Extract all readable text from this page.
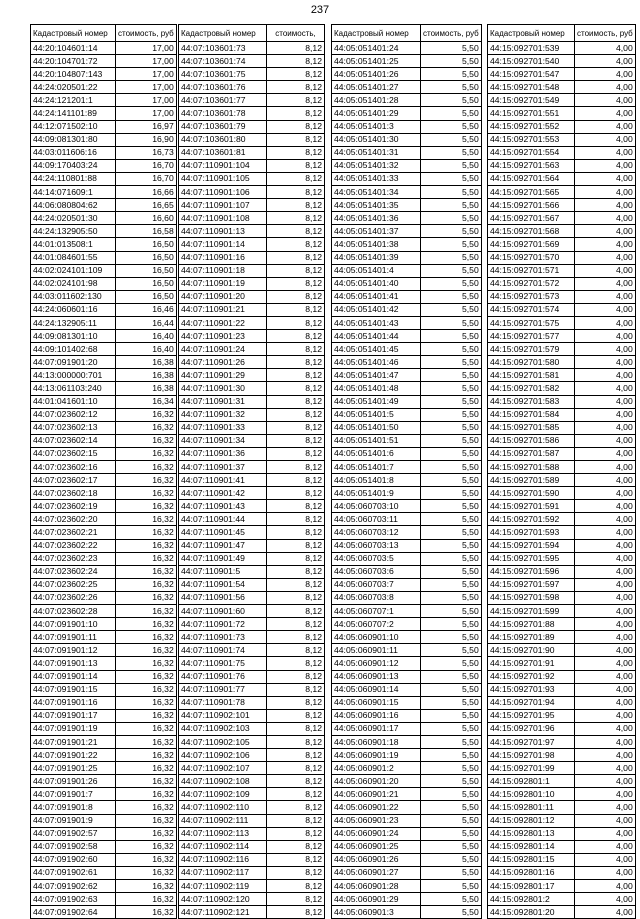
237
Кадастровый номер	стоимость, руб
44:20:104601:14	17,00
44:20:104701:72	17,00
44:20:104807:143	17,00
44:24:020501:22	17,00
44:24:121201:1	17,00
44:24:141101:89	17,00
44:12:071502:10	16,97
44:09:081301:80	16,90
44:03:011606:16	16,73
44:09:170403:24	16,70
44:24:110801:88	16,70
44:14:071609:1	16,66
44:06:080804:62	16,65
44:24:020501:30	16,60
44:24:132905:50	16,58
44:01:013508:1	16,50
44:01:084601:55	16,50
44:02:024101:109	16,50
44:02:024101:98	16,50
44:03:011602:130	16,50
44:24:060601:16	16,46
44:24:132905:11	16,44
44:09:081301:10	16,40
44:09:101402:68	16,40
44:07:091901:20	16,38
44:13:000000:701	16,38
44:13:061103:240	16,38
44:01:041601:10	16,34
44:07:023602:12	16,32
44:07:023602:13	16,32
44:07:023602:14	16,32
44:07:023602:15	16,32
44:07:023602:16	16,32
44:07:023602:17	16,32
44:07:023602:18	16,32
44:07:023602:19	16,32
44:07:023602:20	16,32
44:07:023602:21	16,32
44:07:023602:22	16,32
44:07:023602:23	16,32
44:07:023602:24	16,32
44:07:023602:25	16,32
44:07:023602:26	16,32
44:07:023602:28	16,32
44:07:091901:10	16,32
44:07:091901:11	16,32
44:07:091901:12	16,32
44:07:091901:13	16,32
44:07:091901:14	16,32
44:07:091901:15	16,32
44:07:091901:16	16,32
44:07:091901:17	16,32
44:07:091901:19	16,32
44:07:091901:21	16,32
44:07:091901:22	16,32
44:07:091901:25	16,32
44:07:091901:26	16,32
44:07:091901:7	16,32
44:07:091901:8	16,32
44:07:091901:9	16,32
44:07:091902:57	16,32
44:07:091902:58	16,32
44:07:091902:60	16,32
44:07:091902:61	16,32
44:07:091902:62	16,32
44:07:091902:63	16,32
44:07:091902:64	16,32
Кадастровый номер	стоимость,
44:07:103601:73	8,12
44:07:103601:74	8,12
44:07:103601:75	8,12
44:07:103601:76	8,12
44:07:103601:77	8,12
44:07:103601:78	8,12
44:07:103601:79	8,12
44:07:103601:80	8,12
44:07:103601:81	8,12
44:07:110901:104	8,12
44:07:110901:105	8,12
44:07:110901:106	8,12
44:07:110901:107	8,12
44:07:110901:108	8,12
44:07:110901:13	8,12
44:07:110901:14	8,12
44:07:110901:16	8,12
44:07:110901:18	8,12
44:07:110901:19	8,12
44:07:110901:20	8,12
44:07:110901:21	8,12
44:07:110901:22	8,12
44:07:110901:23	8,12
44:07:110901:24	8,12
44:07:110901:26	8,12
44:07:110901:29	8,12
44:07:110901:30	8,12
44:07:110901:31	8,12
44:07:110901:32	8,12
44:07:110901:33	8,12
44:07:110901:34	8,12
44:07:110901:36	8,12
44:07:110901:37	8,12
44:07:110901:41	8,12
44:07:110901:42	8,12
44:07:110901:43	8,12
44:07:110901:44	8,12
44:07:110901:45	8,12
44:07:110901:47	8,12
44:07:110901:49	8,12
44:07:110901:5	8,12
44:07:110901:54	8,12
44:07:110901:56	8,12
44:07:110901:60	8,12
44:07:110901:72	8,12
44:07:110901:73	8,12
44:07:110901:74	8,12
44:07:110901:75	8,12
44:07:110901:76	8,12
44:07:110901:77	8,12
44:07:110901:78	8,12
44:07:110902:101	8,12
44:07:110902:103	8,12
44:07:110902:105	8,12
44:07:110902:106	8,12
44:07:110902:107	8,12
44:07:110902:108	8,12
44:07:110902:109	8,12
44:07:110902:110	8,12
44:07:110902:111	8,12
44:07:110902:113	8,12
44:07:110902:114	8,12
44:07:110902:116	8,12
44:07:110902:117	8,12
44:07:110902:119	8,12
44:07:110902:120	8,12
44:07:110902:121	8,12
Кадастровый номер	стоимость, руб
44:05:051401:24	5,50
44:05:051401:25	5,50
44:05:051401:26	5,50
44:05:051401:27	5,50
44:05:051401:28	5,50
44:05:051401:29	5,50
44:05:051401:3	5,50
44:05:051401:30	5,50
44:05:051401:31	5,50
44:05:051401:32	5,50
44:05:051401:33	5,50
44:05:051401:34	5,50
44:05:051401:35	5,50
44:05:051401:36	5,50
44:05:051401:37	5,50
44:05:051401:38	5,50
44:05:051401:39	5,50
44:05:051401:4	5,50
44:05:051401:40	5,50
44:05:051401:41	5,50
44:05:051401:42	5,50
44:05:051401:43	5,50
44:05:051401:44	5,50
44:05:051401:45	5,50
44:05:051401:46	5,50
44:05:051401:47	5,50
44:05:051401:48	5,50
44:05:051401:49	5,50
44:05:051401:5	5,50
44:05:051401:50	5,50
44:05:051401:51	5,50
44:05:051401:6	5,50
44:05:051401:7	5,50
44:05:051401:8	5,50
44:05:051401:9	5,50
44:05:060703:10	5,50
44:05:060703:11	5,50
44:05:060703:12	5,50
44:05:060703:13	5,50
44:05:060703:5	5,50
44:05:060703:6	5,50
44:05:060703:7	5,50
44:05:060703:8	5,50
44:05:060707:1	5,50
44:05:060707:2	5,50
44:05:060901:10	5,50
44:05:060901:11	5,50
44:05:060901:12	5,50
44:05:060901:13	5,50
44:05:060901:14	5,50
44:05:060901:15	5,50
44:05:060901:16	5,50
44:05:060901:17	5,50
44:05:060901:18	5,50
44:05:060901:19	5,50
44:05:060901:2	5,50
44:05:060901:20	5,50
44:05:060901:21	5,50
44:05:060901:22	5,50
44:05:060901:23	5,50
44:05:060901:24	5,50
44:05:060901:25	5,50
44:05:060901:26	5,50
44:05:060901:27	5,50
44:05:060901:28	5,50
44:05:060901:29	5,50
44:05:060901:3	5,50
Кадастровый номер	стоимость, руб
44:15:092701:539	4,00
44:15:092701:540	4,00
44:15:092701:547	4,00
44:15:092701:548	4,00
44:15:092701:549	4,00
44:15:092701:551	4,00
44:15:092701:552	4,00
44:15:092701:553	4,00
44:15:092701:554	4,00
44:15:092701:563	4,00
44:15:092701:564	4,00
44:15:092701:565	4,00
44:15:092701:566	4,00
44:15:092701:567	4,00
44:15:092701:568	4,00
44:15:092701:569	4,00
44:15:092701:570	4,00
44:15:092701:571	4,00
44:15:092701:572	4,00
44:15:092701:573	4,00
44:15:092701:574	4,00
44:15:092701:575	4,00
44:15:092701:577	4,00
44:15:092701:579	4,00
44:15:092701:580	4,00
44:15:092701:581	4,00
44:15:092701:582	4,00
44:15:092701:583	4,00
44:15:092701:584	4,00
44:15:092701:585	4,00
44:15:092701:586	4,00
44:15:092701:587	4,00
44:15:092701:588	4,00
44:15:092701:589	4,00
44:15:092701:590	4,00
44:15:092701:591	4,00
44:15:092701:592	4,00
44:15:092701:593	4,00
44:15:092701:594	4,00
44:15:092701:595	4,00
44:15:092701:596	4,00
44:15:092701:597	4,00
44:15:092701:598	4,00
44:15:092701:599	4,00
44:15:092701:88	4,00
44:15:092701:89	4,00
44:15:092701:90	4,00
44:15:092701:91	4,00
44:15:092701:92	4,00
44:15:092701:93	4,00
44:15:092701:94	4,00
44:15:092701:95	4,00
44:15:092701:96	4,00
44:15:092701:97	4,00
44:15:092701:98	4,00
44:15:092701:99	4,00
44:15:092801:1	4,00
44:15:092801:10	4,00
44:15:092801:11	4,00
44:15:092801:12	4,00
44:15:092801:13	4,00
44:15:092801:14	4,00
44:15:092801:15	4,00
44:15:092801:16	4,00
44:15:092801:17	4,00
44:15:092801:2	4,00
44:15:092801:20	4,00
